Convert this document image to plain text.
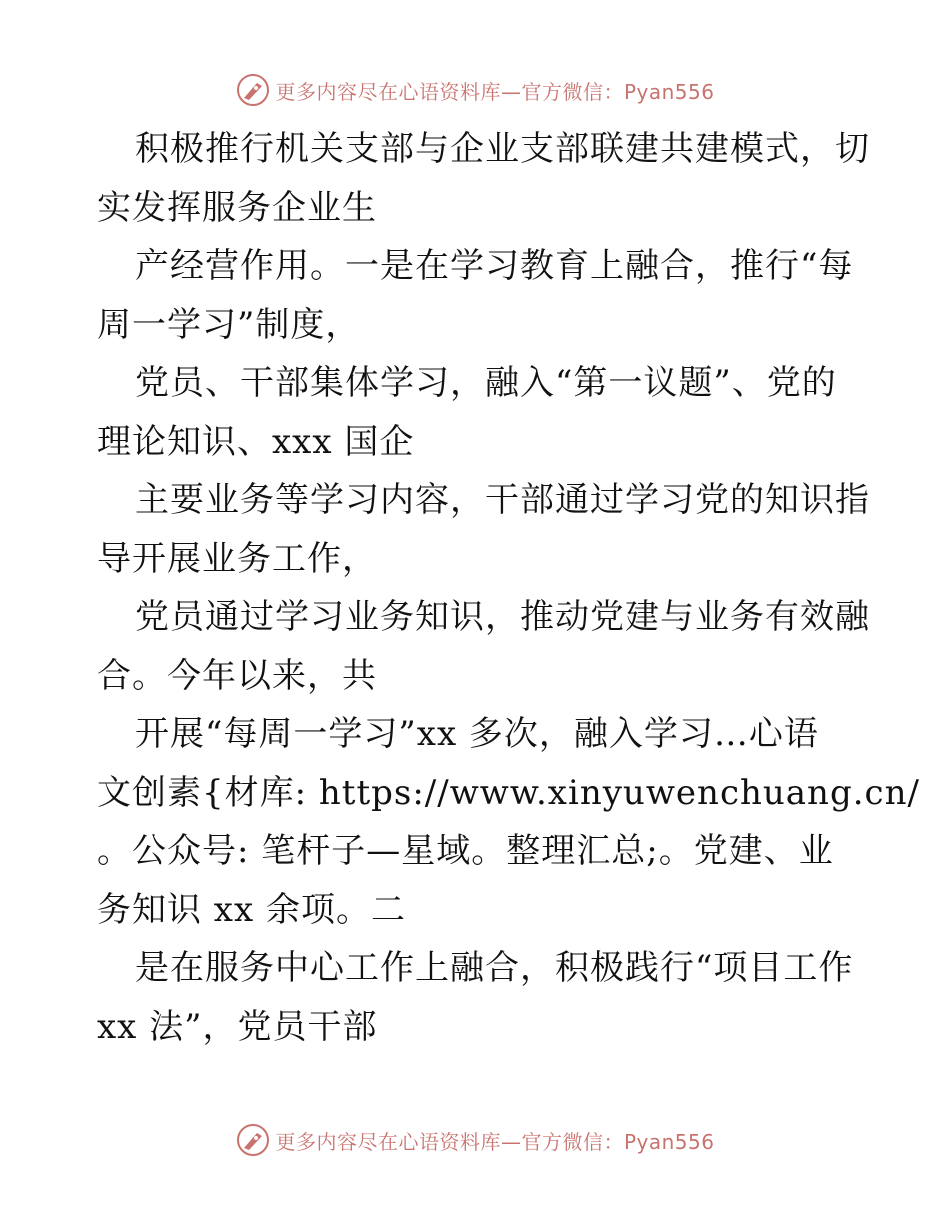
更多内容尽在心语资料库—官方微信：Pyan556
积极推行机关支部与企业支部联建共建模式，切
实发挥服务企业生
产经营作用。一是在学习教育上融合，推行“每
周一学习”制度，
党员、干部集体学习，融入“第一议题”、党的
理论知识、xxx 国企
主要业务等学习内容，干部通过学习党的知识指
导开展业务工作，
党员通过学习业务知识，推动党建与业务有效融
合。今年以来，共
开展“每周一学习”xx 多次，融入学习…心语
文创素{材库: https://www.xinyuwenchuang.cn/
。公众号: 笔杆子—星域。整理汇总;。党建、业
务知识 xx 余项。二
是在服务中心工作上融合，积极践行“项目工作
xx 法”，党员干部
更多内容尽在心语资料库—官方微信：Pyan556
